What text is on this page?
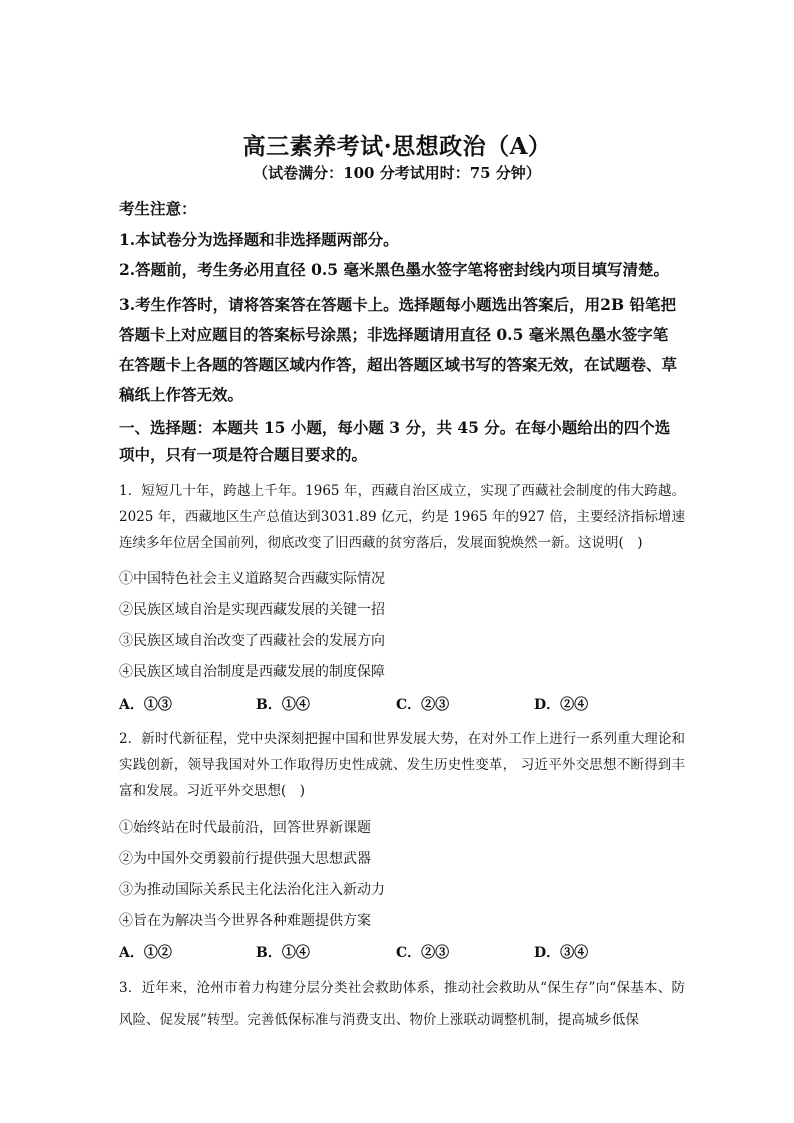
高三素养考试·思想政治（A）
（试卷满分：100 分考试用时：75 分钟）
考生注意：
1.本试卷分为选择题和非选择题两部分。
2.答题前，考生务必用直径 0.5 毫米黑色墨水签字笔将密封线内项目填写清楚。
3.考生作答时，请将答案答在答题卡上。选择题每小题选出答案后，用2B 铅笔把答题卡上对应题目的答案标号涂黑；非选择题请用直径 0.5 毫米黑色墨水签字笔在答题卡上各题的答题区域内作答，超出答题区域书写的答案无效，在试题卷、草稿纸上作答无效。
一、选择题：本题共 15 小题，每小题 3 分，共 45 分。在每小题给出的四个选项中，只有一项是符合题目要求的。
1．短短几十年，跨越上千年。1965 年，西藏自治区成立，实现了西藏社会制度的伟大跨越。2025 年，西藏地区生产总值达到3031.89 亿元，约是 1965 年的927 倍，主要经济指标增速连续多年位居全国前列，彻底改变了旧西藏的贫穷落后，发展面貌焕然一新。这说明(　)
①中国特色社会主义道路契合西藏实际情况
②民族区域自治是实现西藏发展的关键一招
③民族区域自治改变了西藏社会的发展方向
④民族区域自治制度是西藏发展的制度保障
A．①③	B．①④	C．②③	D．②④
2．新时代新征程，党中央深刻把握中国和世界发展大势，在对外工作上进行一系列重大理论和实践创新，领导我国对外工作取得历史性成就、发生历史性变革， 习近平外交思想不断得到丰富和发展。习近平外交思想(　)
①始终站在时代最前沿，回答世界新课题
②为中国外交勇毅前行提供强大思想武器
③为推动国际关系民主化法治化注入新动力
④旨在为解决当今世界各种难题提供方案
A．①②	B．①④	C．②③	D．③④
3．近年来，沧州市着力构建分层分类社会救助体系，推动社会救助从“保生存”向“保基本、防风险、促发展”转型。完善低保标准与消费支出、物价上涨联动调整机制，提高城乡低保
